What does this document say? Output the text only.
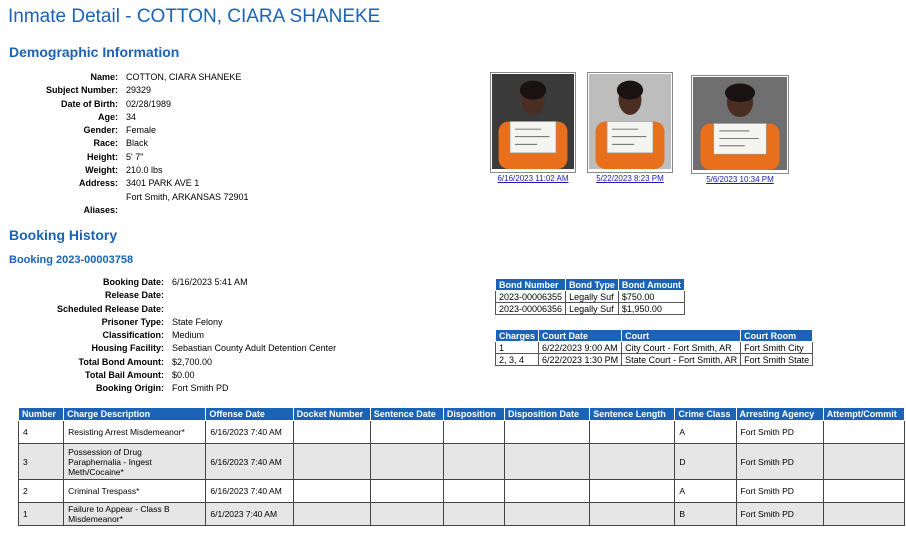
Inmate Detail - COTTON, CIARA SHANEKE
Demographic Information
Name: COTTON, CIARA SHANEKE
Subject Number: 29329
Date of Birth: 02/28/1989
Age: 34
Gender: Female
Race: Black
Height: 5' 7"
Weight: 210.0 lbs
Address: 3401 PARK AVE 1
Fort Smith, ARKANSAS 72901
Aliases:
6/16/2023 11:02 AM	5/22/2023 8:23 PM	5/6/2023 10:34 PM
Booking History
Booking 2023-00003758
Booking Date: 6/16/2023 5:41 AM
Release Date:
Scheduled Release Date:
Prisoner Type: State Felony
Classification: Medium
Housing Facility: Sebastian County Adult Detention Center
Total Bond Amount: $2,700.00
Total Bail Amount: $0.00
Booking Origin: Fort Smith PD
Bond Number	Bond Type	Bond Amount
2023-00006355	Legally Suf	$750.00
2023-00006356	Legally Suf	$1,950.00
Charges	Court Date	Court	Court Room
1	6/22/2023 9:00 AM	City Court - Fort Smith, AR	Fort Smith City
2, 3, 4	6/22/2023 1:30 PM	State Court - Fort Smith, AR	Fort Smith State
Number	Charge Description	Offense Date	Docket Number	Sentence Date	Disposition	Disposition Date	Sentence Length	Crime Class	Arresting Agency	Attempt/Commit
4	Resisting Arrest Misdemeanor*	6/16/2023 7:40 AM						A	Fort Smith PD	
3	Possession of Drug
Paraphernalia - Ingest
Meth/Cocaine*	6/16/2023 7:40 AM						D	Fort Smith PD	
2	Criminal Trespass*	6/16/2023 7:40 AM						A	Fort Smith PD	
1	Failure to Appear - Class B
Misdemeanor*	6/1/2023 7:40 AM						B	Fort Smith PD	
